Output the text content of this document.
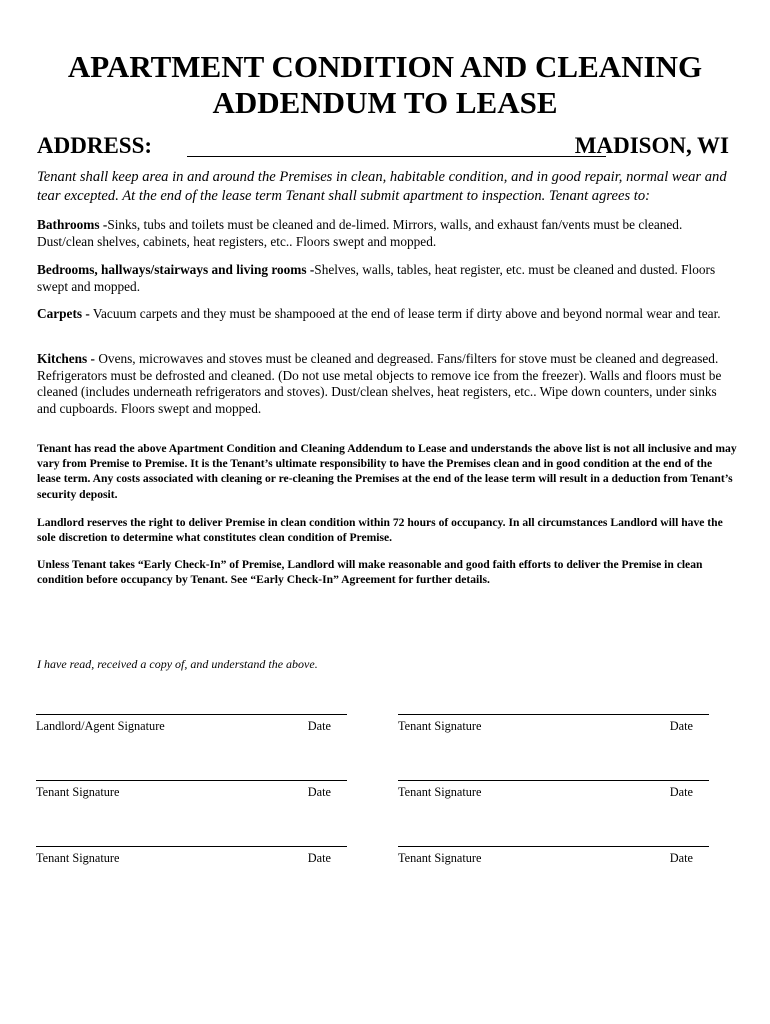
APARTMENT CONDITION AND CLEANING
ADDENDUM TO LEASE
ADDRESS:	MADISON, WI
Tenant shall keep area in and around the Premises in clean, habitable condition, and in good repair, normal wear and tear excepted. At the end of the lease term Tenant shall submit apartment to inspection. Tenant agrees to:
Bathrooms -Sinks, tubs and toilets must be cleaned and de-limed. Mirrors, walls, and exhaust fan/vents must be cleaned. Dust/clean shelves, cabinets, heat registers, etc.. Floors swept and mopped.
Bedrooms, hallways/stairways and living rooms -Shelves, walls, tables, heat register, etc. must be cleaned and dusted. Floors swept and mopped.
Carpets - Vacuum carpets and they must be shampooed at the end of lease term if dirty above and beyond normal wear and tear.
Kitchens - Ovens, microwaves and stoves must be cleaned and degreased. Fans/filters for stove must be cleaned and degreased. Refrigerators must be defrosted and cleaned. (Do not use metal objects to remove ice from the freezer). Walls and floors must be cleaned (includes underneath refrigerators and stoves). Dust/clean shelves, heat registers, etc.. Wipe down counters, under sinks and cupboards. Floors swept and mopped.
Tenant has read the above Apartment Condition and Cleaning Addendum to Lease and understands the above list is not all inclusive and may vary from Premise to Premise. It is the Tenant’s ultimate responsibility to have the Premises clean and in good condition at the end of the lease term. Any costs associated with cleaning or re-cleaning the Premises at the end of the lease term will result in a deduction from Tenant’s security deposit.
Landlord reserves the right to deliver Premise in clean condition within 72 hours of occupancy. In all circumstances Landlord will have the sole discretion to determine what constitutes clean condition of Premise.
Unless Tenant takes “Early Check-In” of Premise, Landlord will make reasonable and good faith efforts to deliver the Premise in clean condition before occupancy by Tenant. See “Early Check-In” Agreement for further details.
I have read, received a copy of, and understand the above.
Landlord/Agent Signature	Date	Tenant Signature	Date
Tenant Signature	Date	Tenant Signature	Date
Tenant Signature	Date	Tenant Signature	Date
